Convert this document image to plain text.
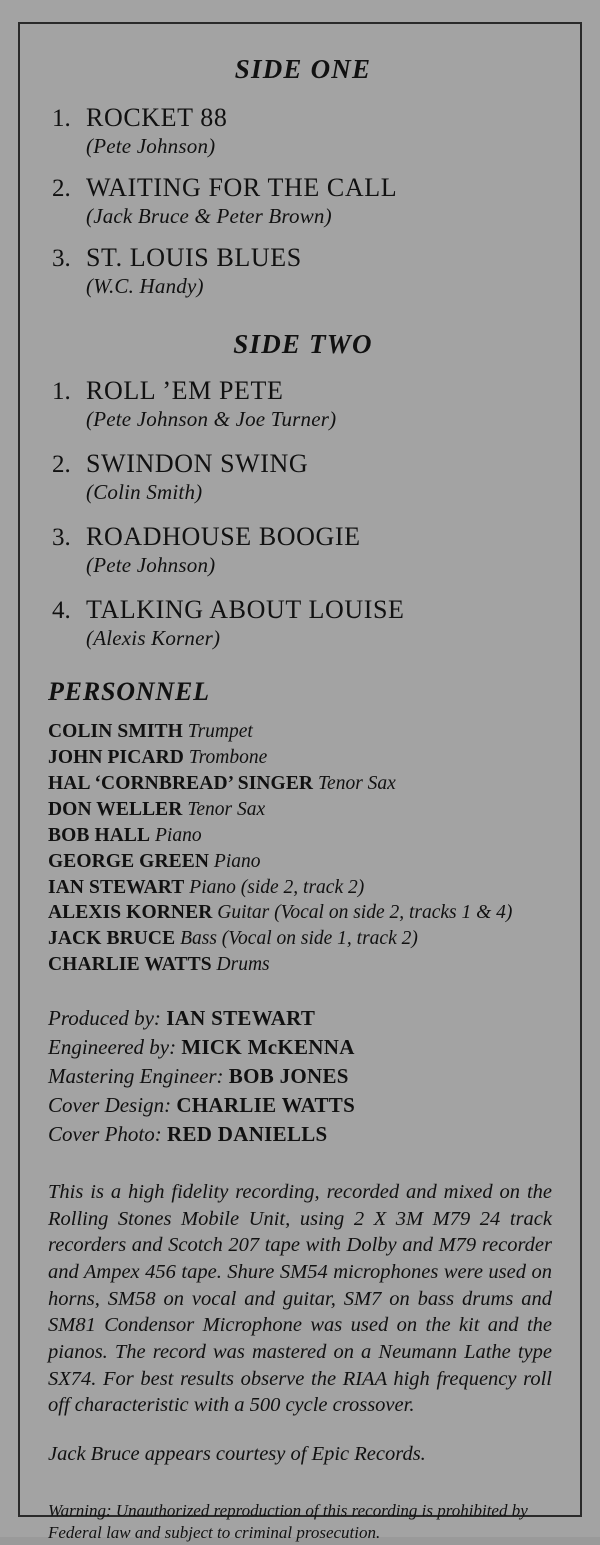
SIDE ONE
1. ROCKET 88
(Pete Johnson)
2. WAITING FOR THE CALL
(Jack Bruce & Peter Brown)
3. ST. LOUIS BLUES
(W.C. Handy)
SIDE TWO
1. ROLL ’EM PETE
(Pete Johnson & Joe Turner)
2. SWINDON SWING
(Colin Smith)
3. ROADHOUSE BOOGIE
(Pete Johnson)
4. TALKING ABOUT LOUISE
(Alexis Korner)
PERSONNEL
COLIN SMITH Trumpet
JOHN PICARD Trombone
HAL ‘CORNBREAD’ SINGER Tenor Sax
DON WELLER Tenor Sax
BOB HALL Piano
GEORGE GREEN Piano
IAN STEWART Piano (side 2, track 2)
ALEXIS KORNER Guitar (Vocal on side 2, tracks 1 & 4)
JACK BRUCE Bass (Vocal on side 1, track 2)
CHARLIE WATTS Drums
Produced by: IAN STEWART
Engineered by: MICK McKENNA
Mastering Engineer: BOB JONES
Cover Design: CHARLIE WATTS
Cover Photo: RED DANIELLS
This is a high fidelity recording, recorded and mixed on the Rolling Stones Mobile Unit, using 2 X 3M M79 24 track recorders and Scotch 207 tape with Dolby and M79 recorder and Ampex 456 tape. Shure SM54 microphones were used on horns, SM58 on vocal and guitar, SM7 on bass drums and SM81 Condensor Microphone was used on the kit and the pianos. The record was mastered on a Neumann Lathe type SX74. For best results observe the RIAA high frequency roll off characteristic with a 500 cycle crossover.
Jack Bruce appears courtesy of Epic Records.
Warning: Unauthorized reproduction of this recording is prohibited by Federal law and subject to criminal prosecution.
